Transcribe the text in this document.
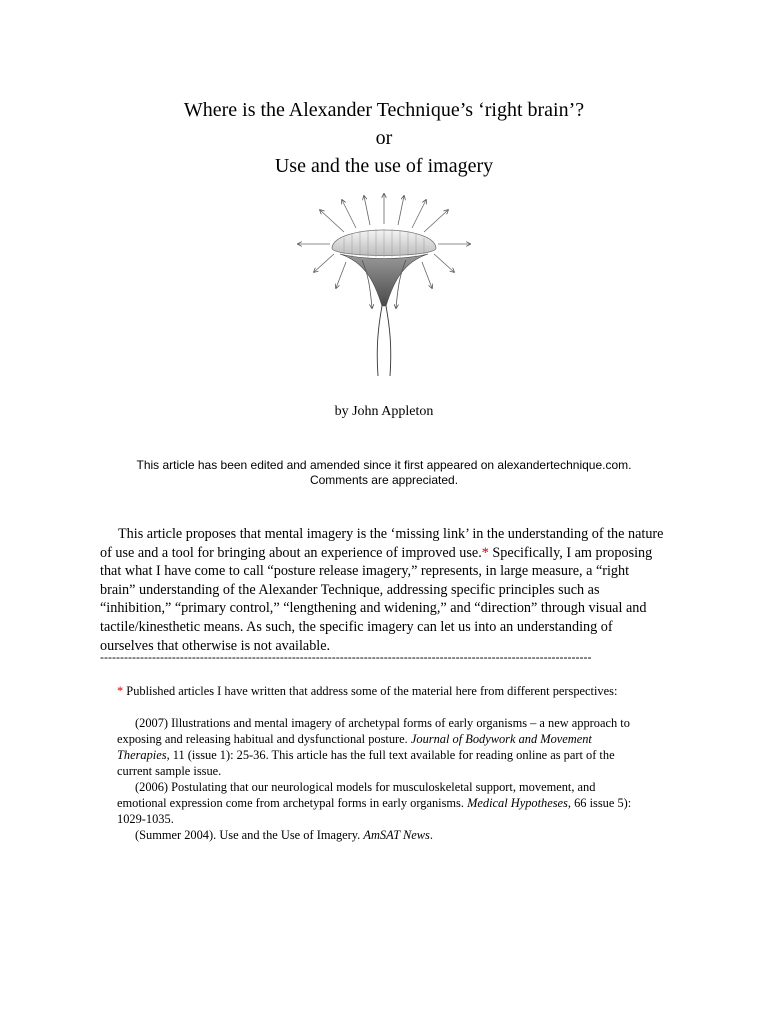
Where is the Alexander Technique’s ‘right brain’?
or
Use and the use of imagery
by John Appleton
This article has been edited and amended since it first appeared on alexandertechnique.com.
Comments are appreciated.

This article proposes that mental imagery is the ‘missing link’ in the understanding of the nature of use and a tool for bringing about an experience of improved use.* Specifically, I am proposing that what I have come to call “posture release imagery,” represents, in large measure, a “right brain” understanding of the Alexander Technique, addressing specific principles such as “inhibition,” “primary control,” “lengthening and widening,” and “direction” through visual and tactile/kinesthetic means. As such, the specific imagery can let us into an understanding of ourselves that otherwise is not available.

---------------------------------------------------------------------------------------------------------------------------

* Published articles I have written that address some of the material here from different perspectives:

(2007) Illustrations and mental imagery of archetypal forms of early organisms – a new approach to exposing and releasing habitual and dysfunctional posture. Journal of Bodywork and Movement Therapies, 11 (issue 1): 25-36. This article has the full text available for reading online as part of the current sample issue.

(2006) Postulating that our neurological models for musculoskeletal support, movement, and emotional expression come from archetypal forms in early organisms. Medical Hypotheses, 66 issue 5): 1029-1035.

(Summer 2004). Use and the Use of Imagery. AmSAT News.
